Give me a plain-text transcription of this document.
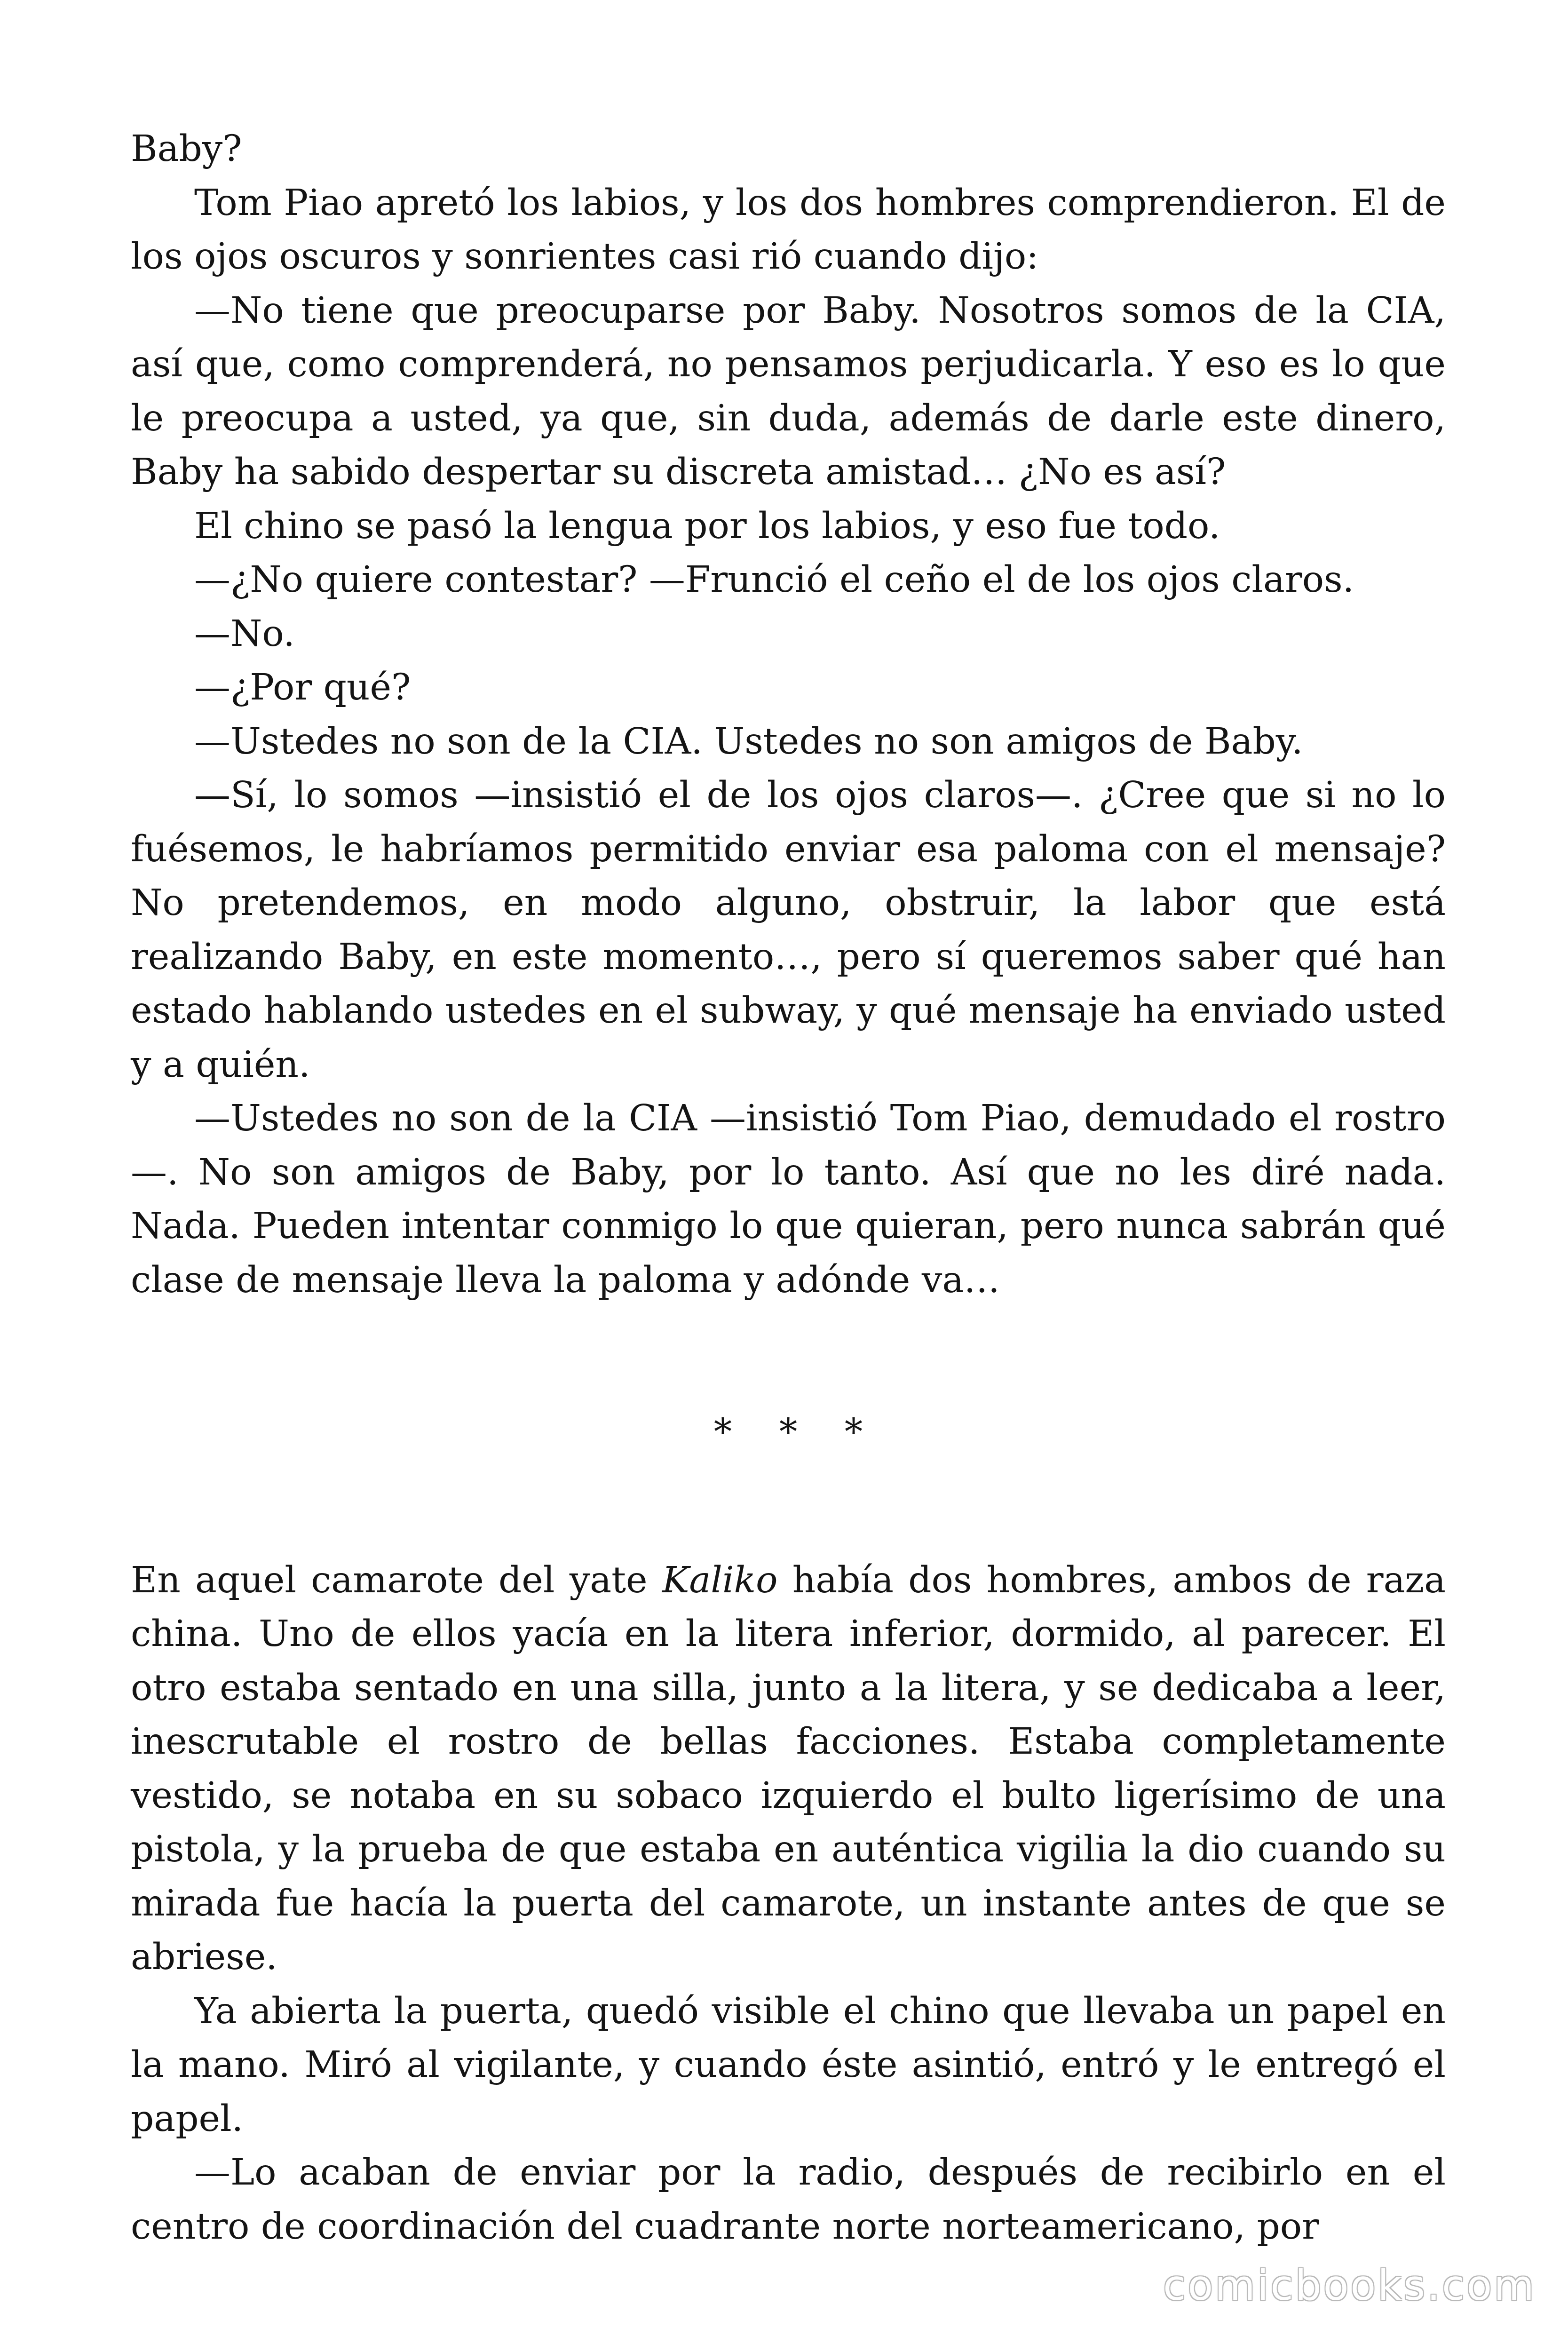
Baby?

Tom Piao apretó los labios, y los dos hombres comprendieron. El de los ojos oscuros y sonrientes casi rió cuando dijo:

—No tiene que preocuparse por Baby. Nosotros somos de la CIA, así que, como comprenderá, no pensamos perjudicarla. Y eso es lo que le preocupa a usted, ya que, sin duda, además de darle este dinero, Baby ha sabido despertar su discreta amistad… ¿No es así?

El chino se pasó la lengua por los labios, y eso fue todo.

—¿No quiere contestar? —Frunció el ceño el de los ojos claros.

—No.

—¿Por qué?

—Ustedes no son de la CIA. Ustedes no son amigos de Baby.

—Sí, lo somos —insistió el de los ojos claros—. ¿Cree que si no lo fuésemos, le habríamos permitido enviar esa paloma con el mensaje? No pretendemos, en modo alguno, obstruir, la labor que está realizando Baby, en este momento…, pero sí queremos saber qué han estado hablando ustedes en el subway, y qué mensaje ha enviado usted y a quién.

—Ustedes no son de la CIA —insistió Tom Piao, demudado el rostro—. No son amigos de Baby, por lo tanto. Así que no les diré nada. Nada. Pueden intentar conmigo lo que quieran, pero nunca sabrán qué clase de mensaje lleva la paloma y adónde va…

* * *

En aquel camarote del yate Kaliko había dos hombres, ambos de raza china. Uno de ellos yacía en la litera inferior, dormido, al parecer. El otro estaba sentado en una silla, junto a la litera, y se dedicaba a leer, inescrutable el rostro de bellas facciones. Estaba completamente vestido, se notaba en su sobaco izquierdo el bulto ligerísimo de una pistola, y la prueba de que estaba en auténtica vigilia la dio cuando su mirada fue hacía la puerta del camarote, un instante antes de que se abriese.

Ya abierta la puerta, quedó visible el chino que llevaba un papel en la mano. Miró al vigilante, y cuando éste asintió, entró y le entregó el papel.

—Lo acaban de enviar por la radio, después de recibirlo en el centro de coordinación del cuadrante norte norteamericano, por

comicbooks.com
